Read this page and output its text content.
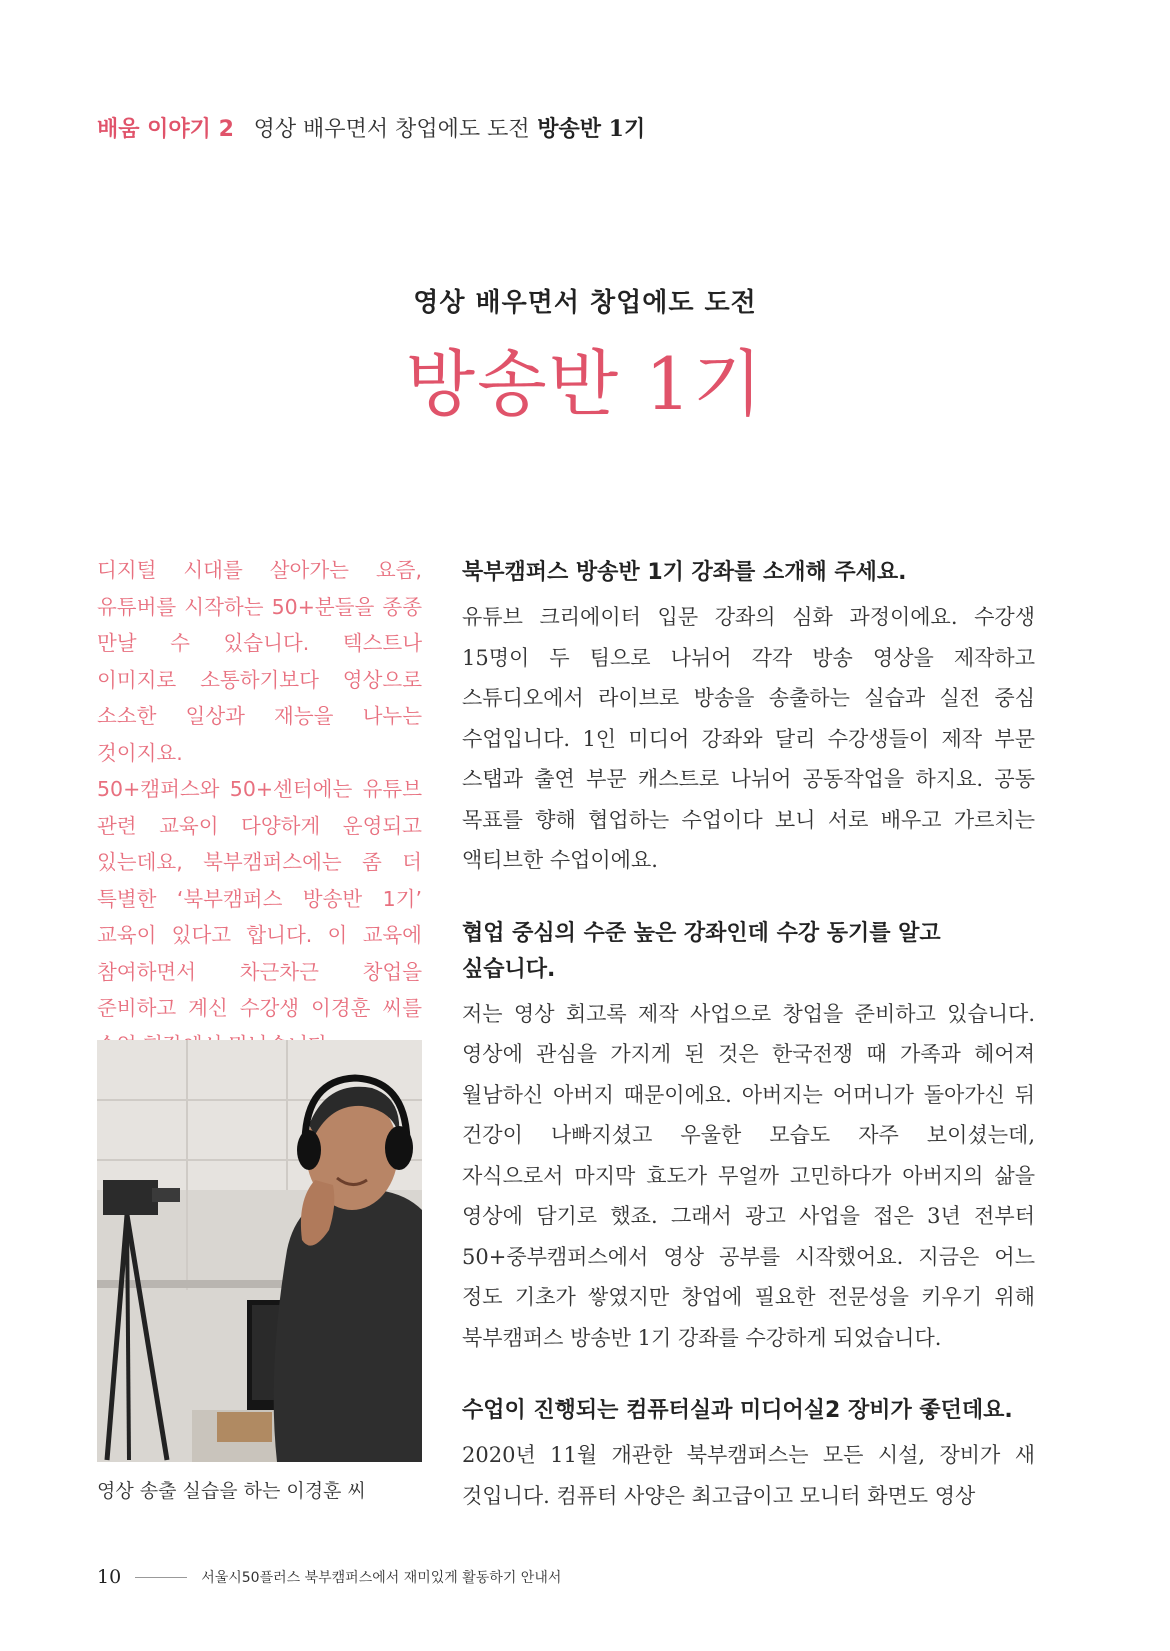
배움 이야기 2 영상 배우면서 창업에도 도전 방송반 1기
영상 배우면서 창업에도 도전
방송반 1기

디지털 시대를 살아가는 요즘, 유튜버를 시작하는 50+분들을 종종 만날 수 있습니다. 텍스트나 이미지로 소통하기보다 영상으로 소소한 일상과 재능을 나누는 것이지요.

50+캠퍼스와 50+센터에는 유튜브 관련 교육이 다양하게 운영되고 있는데요, 북부캠퍼스에는 좀 더 특별한 ‘북부캠퍼스 방송반 1기’ 교육이 있다고 합니다. 이 교육에 참여하면서 차근차근 창업을 준비하고 계신 수강생 이경훈 씨를

영상 송출 실습을 하는 이경훈 씨

북부캠퍼스 방송반 1기 강좌를 소개해 주세요.

유튜브 크리에이터 입문 강좌의 심화 과정이에요. 수강생 15명이 두 팀으로 나뉘어 각각 방송 영상을 제작하고 스튜디오에서 라이브로 방송을 송출하는 실습과 실전 중심 수업입니다. 1인 미디어 강좌와 달리 수강생들이 제작 부문 스탭과 출연 부문 캐스트로 나뉘어 공동작업을 하지요. 공동 목표를 향해 협업하는 수업이다 보니 서로 배우고 가르치는 액티브한 수업이에요.

협업 중심의 수준 높은 강좌인데 수강 동기를 알고 싶습니다.

저는 영상 회고록 제작 사업으로 창업을 준비하고 있습니다. 영상에 관심을 가지게 된 것은 한국전쟁 때 가족과 헤어져 월남하신 아버지 때문이에요. 아버지는 어머니가 돌아가신 뒤 건강이 나빠지셨고 우울한 모습도 자주 보이셨는데, 자식으로서 마지막 효도가 무얼까 고민하다가 아버지의 삶을 영상에 담기로 했죠. 그래서 광고 사업을 접은 3년 전부터 50+중부캠퍼스에서 영상 공부를 시작했어요. 지금은 어느 정도 기초가 쌓였지만 창업에 필요한 전문성을 키우기 위해 북부캠퍼스 방송반 1기 강좌를 수강하게 되었습니다.

수업이 진행되는 컴퓨터실과 미디어실2 장비가 좋던데요.

2020년 11월 개관한 북부캠퍼스는 모든 시설, 장비가 새 것입니다. 컴퓨터 사양은 최고급이고 모니터 화면도 영상

10	서울시50플러스 북부캠퍼스에서 재미있게 활동하기 안내서
